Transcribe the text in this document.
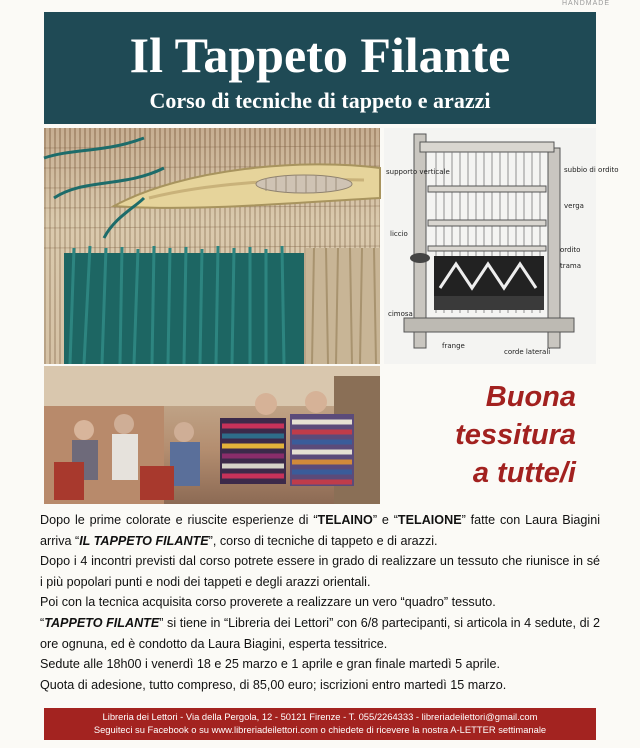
HANDMADE
Il Tappeto Filante
Corso di tecniche di tappeto e arazzi
supporto verticale	subbio di ordito
verga
liccio
ordito
trama
cimosa
frange
corde laterali
Buona
tessitura
a tutte/i

Dopo le prime colorate e riuscite esperienze di “TELAINO” e “TELAIONE” fatte con Laura Biagini arriva “IL TAPPETO FILANTE”, corso di tecniche di tappeto e di arazzi.

Dopo i 4 incontri previsti dal corso potrete essere in grado di realizzare un tessuto che riunisce in sé i più popolari punti e nodi dei tappeti e degli arazzi orientali.

Poi con la tecnica acquisita corso proverete a realizzare un vero “quadro” tessuto.

“TAPPETO FILANTE” si tiene in “Libreria dei Lettori” con 6/8 partecipanti, si articola in 4 sedute, di 2 ore ognuna, ed è condotto da Laura Biagini, esperta tessitrice.

Sedute alle 18h00 i venerdì 18 e 25 marzo e 1 aprile e gran finale martedì 5 aprile.

Quota di adesione, tutto compreso, di 85,00 euro; iscrizioni entro martedì 15 marzo.

Libreria dei Lettori - Via della Pergola, 12 - 50121 Firenze - T. 055/2264333 - libreriadeilettori@gmail.com
Seguiteci su Facebook o su www.libreriadeilettori.com o chiedete di ricevere la nostra A-LETTER settimanale
